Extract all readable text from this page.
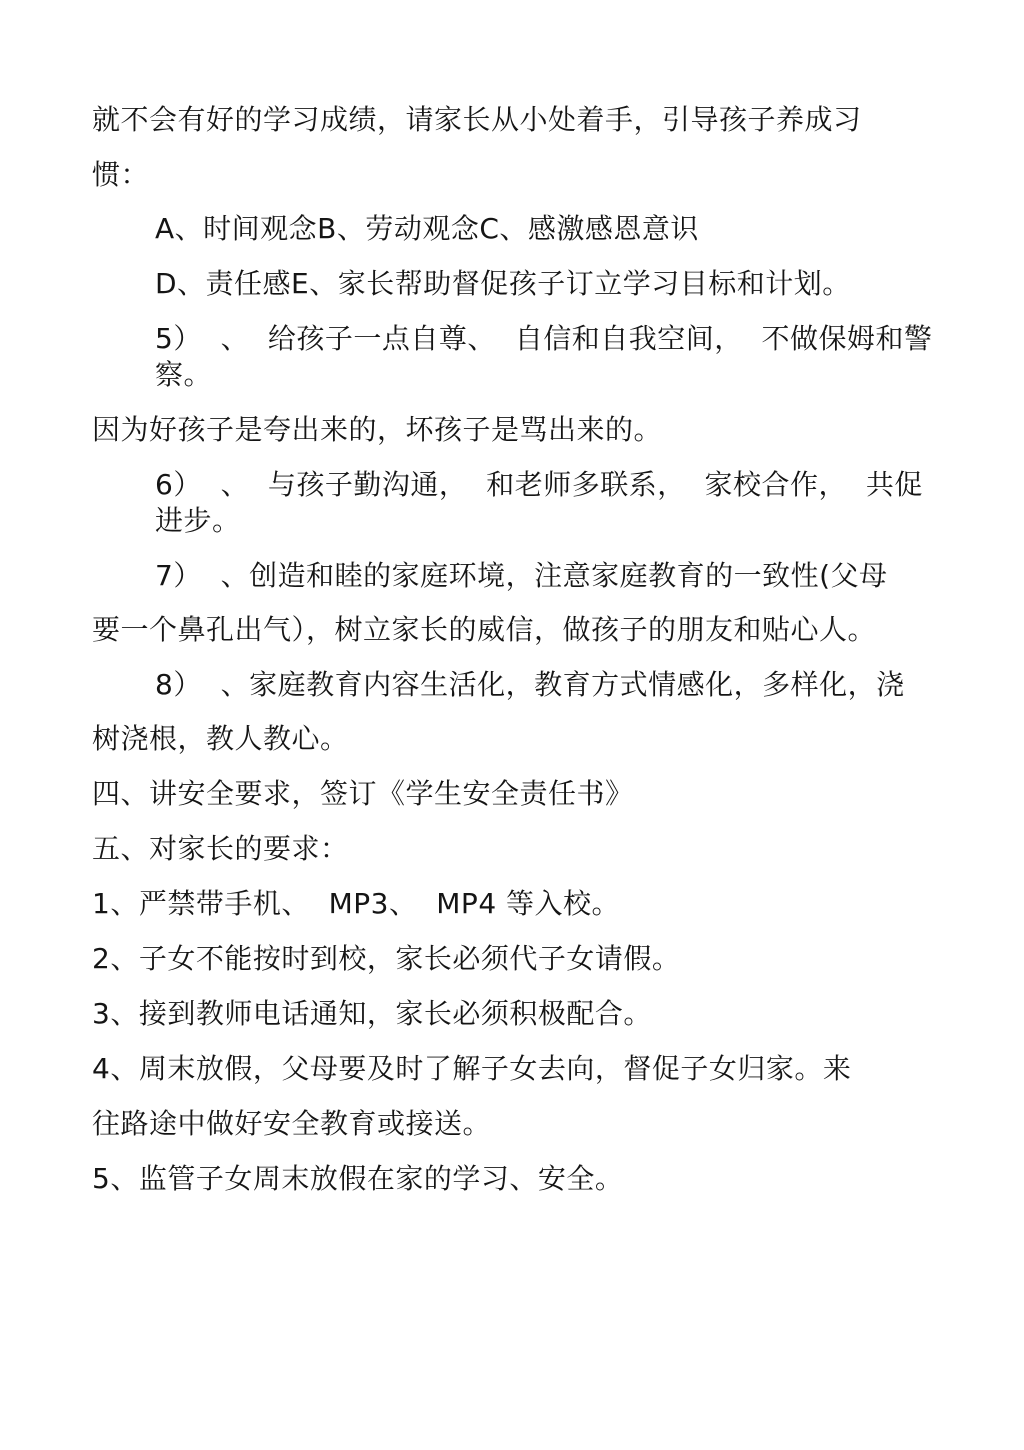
就不会有好的学习成绩，请家长从小处着手，引导孩子养成习
惯：
A、时间观念B、劳动观念C、感激感恩意识
D、责任感E、家长帮助督促孩子订立学习目标和计划。
5）  、  给孩子一点自尊、  自信和自我空间，  不做保姆和警
察。
因为好孩子是夸出来的，坏孩子是骂出来的。
6）  、  与孩子勤沟通，  和老师多联系，  家校合作，  共促
进步。
7）  、创造和睦的家庭环境，注意家庭教育的一致性(父母
要一个鼻孔出气），树立家长的威信，做孩子的朋友和贴心人。
8）  、家庭教育内容生活化，教育方式情感化，多样化，浇
树浇根，教人教心。
四、讲安全要求，签订《学生安全责任书》
五、对家长的要求：
1、严禁带手机、  MP3、  MP4 等入校。
2、子女不能按时到校，家长必须代子女请假。
3、接到教师电话通知，家长必须积极配合。
4、周末放假，父母要及时了解子女去向，督促子女归家。来
往路途中做好安全教育或接送。
5、监管子女周末放假在家的学习、安全。
